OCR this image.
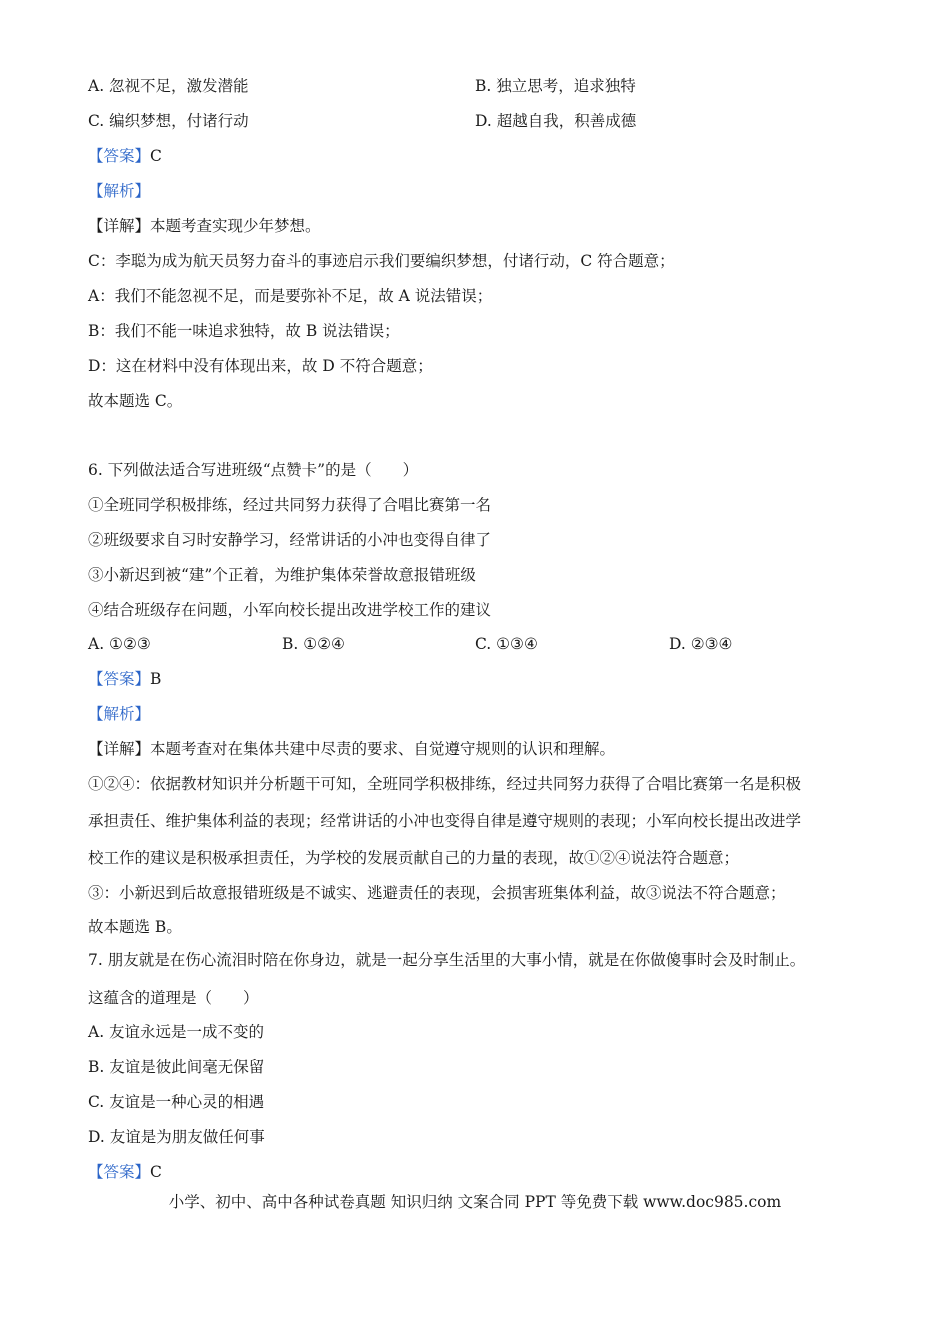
A. 忽视不足，激发潜能	B. 独立思考，追求独特
C. 编织梦想，付诸行动	D. 超越自我，积善成德
【答案】C
【解析】
【详解】本题考查实现少年梦想。
C：李聪为成为航天员努力奋斗的事迹启示我们要编织梦想，付诸行动，C 符合题意；
A：我们不能忽视不足，而是要弥补不足，故 A 说法错误；
B：我们不能一味追求独特，故 B 说法错误；
D：这在材料中没有体现出来，故 D 不符合题意；
故本题选 C。
6. 下列做法适合写进班级“点赞卡”的是（　　）
①全班同学积极排练，经过共同努力获得了合唱比赛第一名
②班级要求自习时安静学习，经常讲话的小冲也变得自律了
③小新迟到被“建”个正着，为维护集体荣誉故意报错班级
④结合班级存在问题，小军向校长提出改进学校工作的建议
A. ①②③	B. ①②④	C. ①③④	D. ②③④
【答案】B
【解析】
【详解】本题考查对在集体共建中尽责的要求、自觉遵守规则的认识和理解。
①②④：依据教材知识并分析题干可知，全班同学积极排练，经过共同努力获得了合唱比赛第一名是积极
承担责任、维护集体利益的表现；经常讲话的小冲也变得自律是遵守规则的表现；小军向校长提出改进学
校工作的建议是积极承担责任，为学校的发展贡献自己的力量的表现，故①②④说法符合题意；
③：小新迟到后故意报错班级是不诚实、逃避责任的表现，会损害班集体利益，故③说法不符合题意；
故本题选 B。
7. 朋友就是在伤心流泪时陪在你身边，就是一起分享生活里的大事小情，就是在你做傻事时会及时制止。
这蕴含的道理是（　　）
A. 友谊永远是一成不变的
B. 友谊是彼此间毫无保留
C. 友谊是一种心灵的相遇
D. 友谊是为朋友做任何事
【答案】C
小学、初中、高中各种试卷真题 知识归纳 文案合同 PPT 等免费下载 www.doc985.com
